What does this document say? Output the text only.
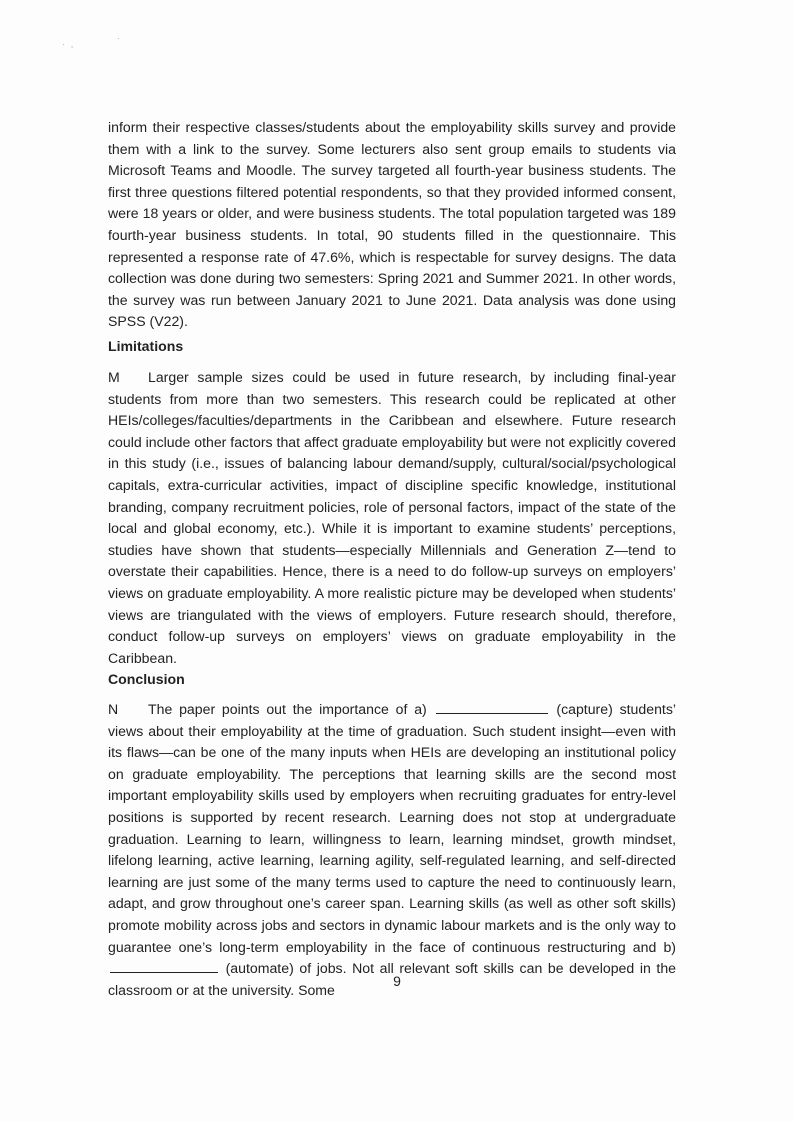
· ,
·
inform their respective classes/students about the employability skills survey and provide them with a link to the survey. Some lecturers also sent group emails to students via Microsoft Teams and Moodle. The survey targeted all fourth-year business students. The first three questions filtered potential respondents, so that they provided informed consent, were 18 years or older, and were business students. The total population targeted was 189 fourth-year business students. In total, 90 students filled in the questionnaire. This represented a response rate of 47.6%, which is respectable for survey designs. The data collection was done during two semesters: Spring 2021 and Summer 2021. In other words, the survey was run between January 2021 to June 2021. Data analysis was done using SPSS (V22).
Limitations
M Larger sample sizes could be used in future research, by including final-year students from more than two semesters. This research could be replicated at other HEIs/colleges/faculties/departments in the Caribbean and elsewhere. Future research could include other factors that affect graduate employability but were not explicitly covered in this study (i.e., issues of balancing labour demand/supply, cultural/social/psychological capitals, extra-curricular activities, impact of discipline specific knowledge, institutional branding, company recruitment policies, role of personal factors, impact of the state of the local and global economy, etc.). While it is important to examine students’ perceptions, studies have shown that students—especially Millennials and Generation Z—tend to overstate their capabilities. Hence, there is a need to do follow-up surveys on employers’ views on graduate employability. A more realistic picture may be developed when students’ views are triangulated with the views of employers. Future research should, therefore, conduct follow-up surveys on employers’ views on graduate employability in the Caribbean.
Conclusion
N The paper points out the importance of a)	(capture) students’ views about their employability at the time of graduation. Such student insight—even with its flaws—can be one of the many inputs when HEIs are developing an institutional policy on graduate employability. The perceptions that learning skills are the second most important employability skills used by employers when recruiting graduates for entry-level positions is supported by recent research. Learning does not stop at undergraduate graduation. Learning to learn, willingness to learn, learning mindset, growth mindset, lifelong learning, active learning, learning agility, self-regulated learning, and self-directed learning are just some of the many terms used to capture the need to continuously learn, adapt, and grow throughout one’s career span. Learning skills (as well as other soft skills) promote mobility across jobs and sectors in dynamic labour markets and is the only way to guarantee one’s long-term employability in the face of continuous restructuring and b)  (automate) of jobs. Not all relevant soft skills can be developed in the classroom or at the university. Some
9
